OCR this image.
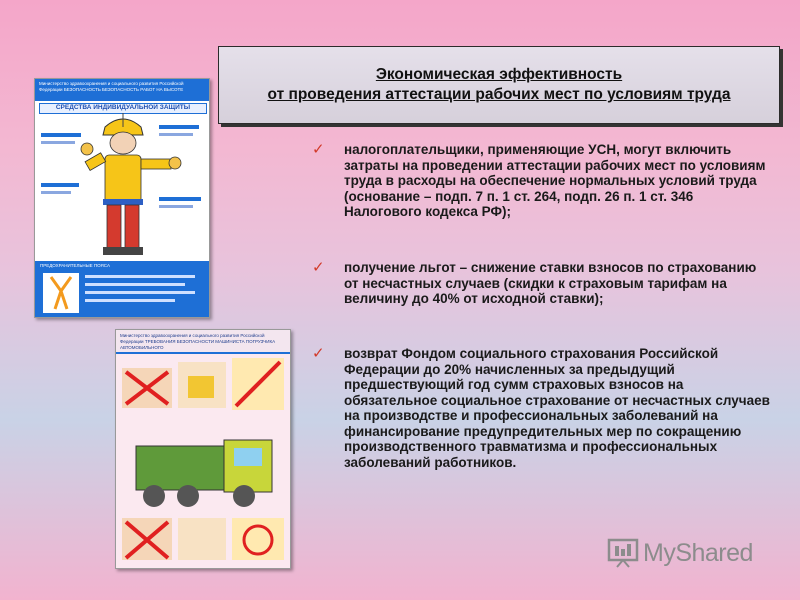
Экономическая эффективность
от проведения аттестации рабочих мест по условиям труда
Министерство здравоохранения и социального развития Российской Федерации БЕЗОПАСНОСТЬ БЕЗОПАСНОСТЬ РАБОТ НА ВЫСОТЕ
СРЕДСТВА ИНДИВИДУАЛЬНОЙ ЗАЩИТЫ
ПРЕДОХРАНИТЕЛЬНЫЕ ПОЯСА
Министерство здравоохранения и социального развития Российской Федерации ТРЕБОВАНИЯ БЕЗОПАСНОСТИ МАШИНИСТА ПОГРУЗЧИКА АВТОМОБИЛЬНОГО
✓ налогоплательщики, применяющие УСН, могут включить затраты на проведении аттестации рабочих мест по условиям труда в расходы на обеспечение нормальных условий труда (основание – подп. 7 п. 1 ст. 264, подп. 26 п. 1 ст. 346 Налогового кодекса РФ);
✓ получение льгот – снижение ставки взносов по страхованию от несчастных случаев (скидки к страховым тарифам на величину до 40% от исходной ставки);
✓ возврат Фондом социального страхования Российской Федерации до 20% начисленных за предыдущий предшествующий год сумм страховых взносов на обязательное социальное страхование от несчастных случаев на производстве и профессиональных заболеваний на финансирование предупредительных мер по сокращению производственного травматизма и профессиональных заболеваний работников.
MyShared
